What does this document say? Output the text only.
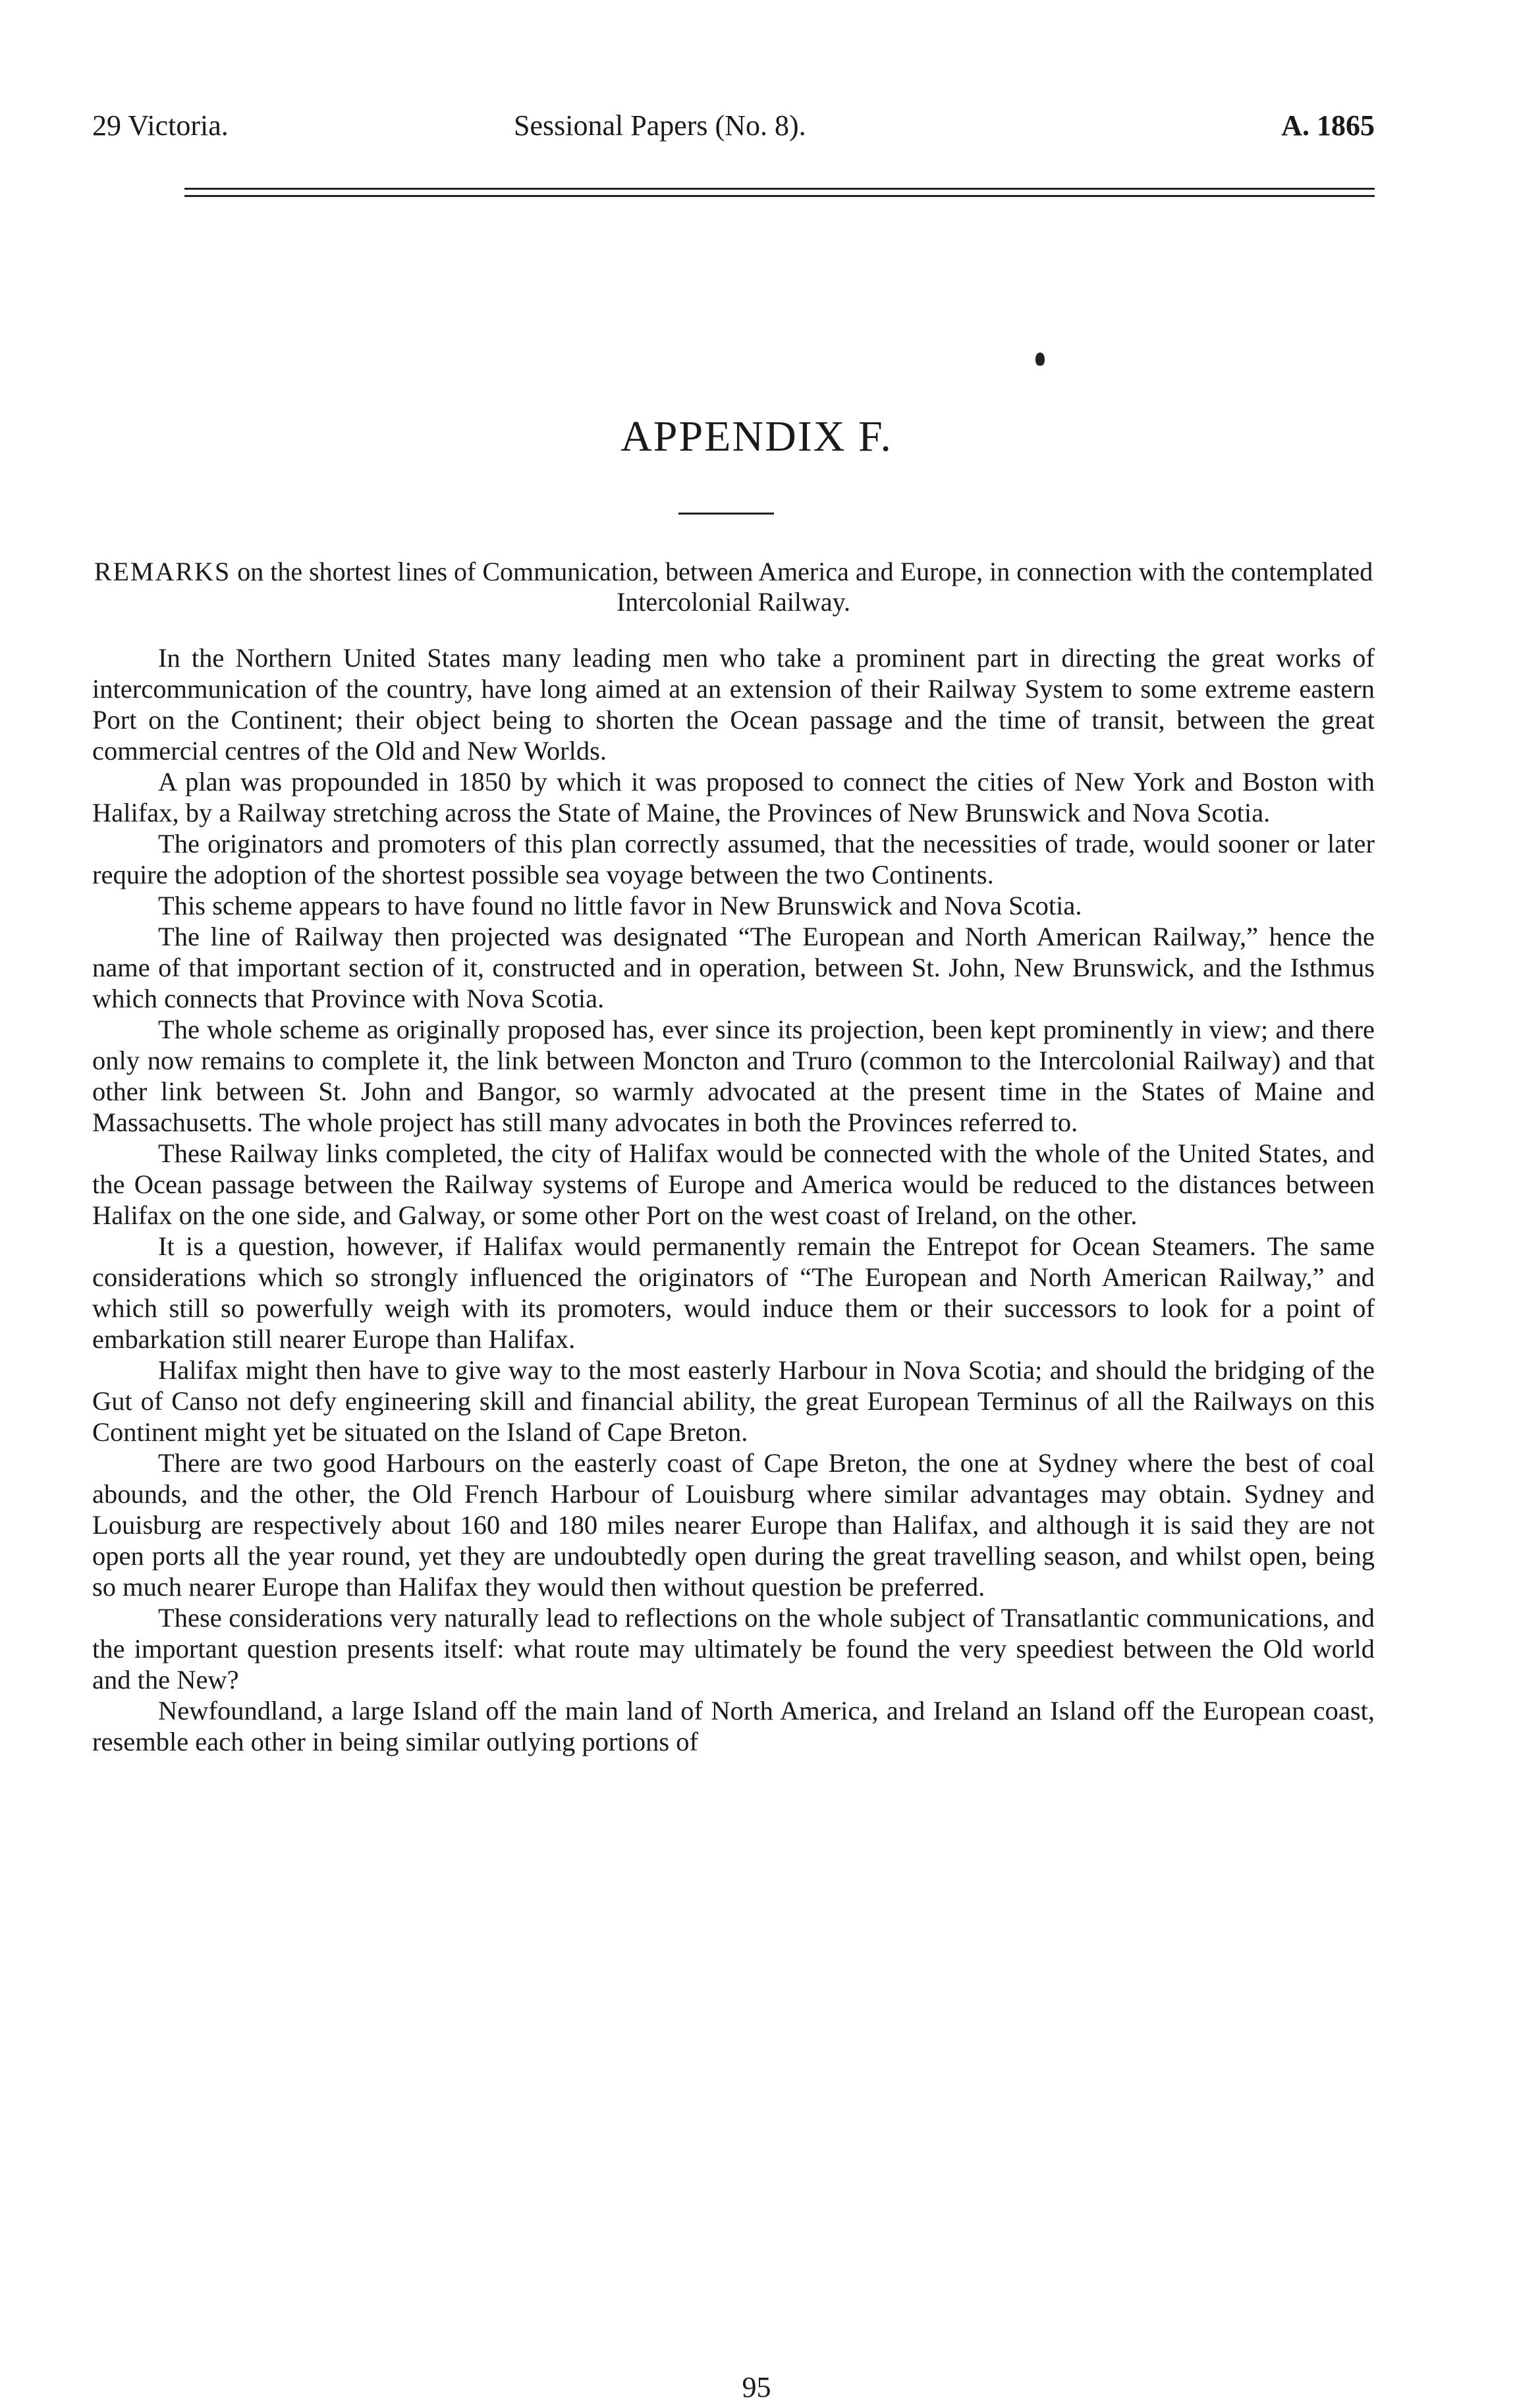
29 Victoria.	Sessional Papers (No. 8).	A. 1865
APPENDIX F.
REMARKS on the shortest lines of Communication, between America and Europe, in connection with the contemplated Intercolonial Railway.

In the Northern United States many leading men who take a prominent part in directing the great works of intercommunication of the country, have long aimed at an extension of their Railway System to some extreme eastern Port on the Continent; their object being to shorten the Ocean passage and the time of transit, between the great commercial centres of the Old and New Worlds.

A plan was propounded in 1850 by which it was proposed to connect the cities of New York and Boston with Halifax, by a Railway stretching across the State of Maine, the Provinces of New Brunswick and Nova Scotia.

The originators and promoters of this plan correctly assumed, that the necessities of trade, would sooner or later require the adoption of the shortest possible sea voyage between the two Continents.

This scheme appears to have found no little favor in New Brunswick and Nova Scotia.

The line of Railway then projected was designated “The European and North American Railway,” hence the name of that important section of it, constructed and in operation, between St. John, New Brunswick, and the Isthmus which connects that Province with Nova Scotia.

The whole scheme as originally proposed has, ever since its projection, been kept prominently in view; and there only now remains to complete it, the link between Moncton and Truro (common to the Intercolonial Railway) and that other link between St. John and Bangor, so warmly advocated at the present time in the States of Maine and Massachusetts. The whole project has still many advocates in both the Provinces referred to.

These Railway links completed, the city of Halifax would be connected with the whole of the United States, and the Ocean passage between the Railway systems of Europe and America would be reduced to the distances between Halifax on the one side, and Galway, or some other Port on the west coast of Ireland, on the other.

It is a question, however, if Halifax would permanently remain the Entrepot for Ocean Steamers. The same considerations which so strongly influenced the originators of “The European and North American Railway,” and which still so powerfully weigh with its promoters, would induce them or their successors to look for a point of embarkation still nearer Europe than Halifax.

Halifax might then have to give way to the most easterly Harbour in Nova Scotia; and should the bridging of the Gut of Canso not defy engineering skill and financial ability, the great European Terminus of all the Railways on this Continent might yet be situated on the Island of Cape Breton.

There are two good Harbours on the easterly coast of Cape Breton, the one at Sydney where the best of coal abounds, and the other, the Old French Harbour of Louisburg where similar advantages may obtain. Sydney and Louisburg are respectively about 160 and 180 miles nearer Europe than Halifax, and although it is said they are not open ports all the year round, yet they are undoubtedly open during the great travelling season, and whilst open, being so much nearer Europe than Halifax they would then without question be preferred.

These considerations very naturally lead to reflections on the whole subject of Transatlantic communications, and the important question presents itself: what route may ultimately be found the very speediest between the Old world and the New?

Newfoundland, a large Island off the main land of North America, and Ireland an Island off the European coast, resemble each other in being similar outlying portions of

95
